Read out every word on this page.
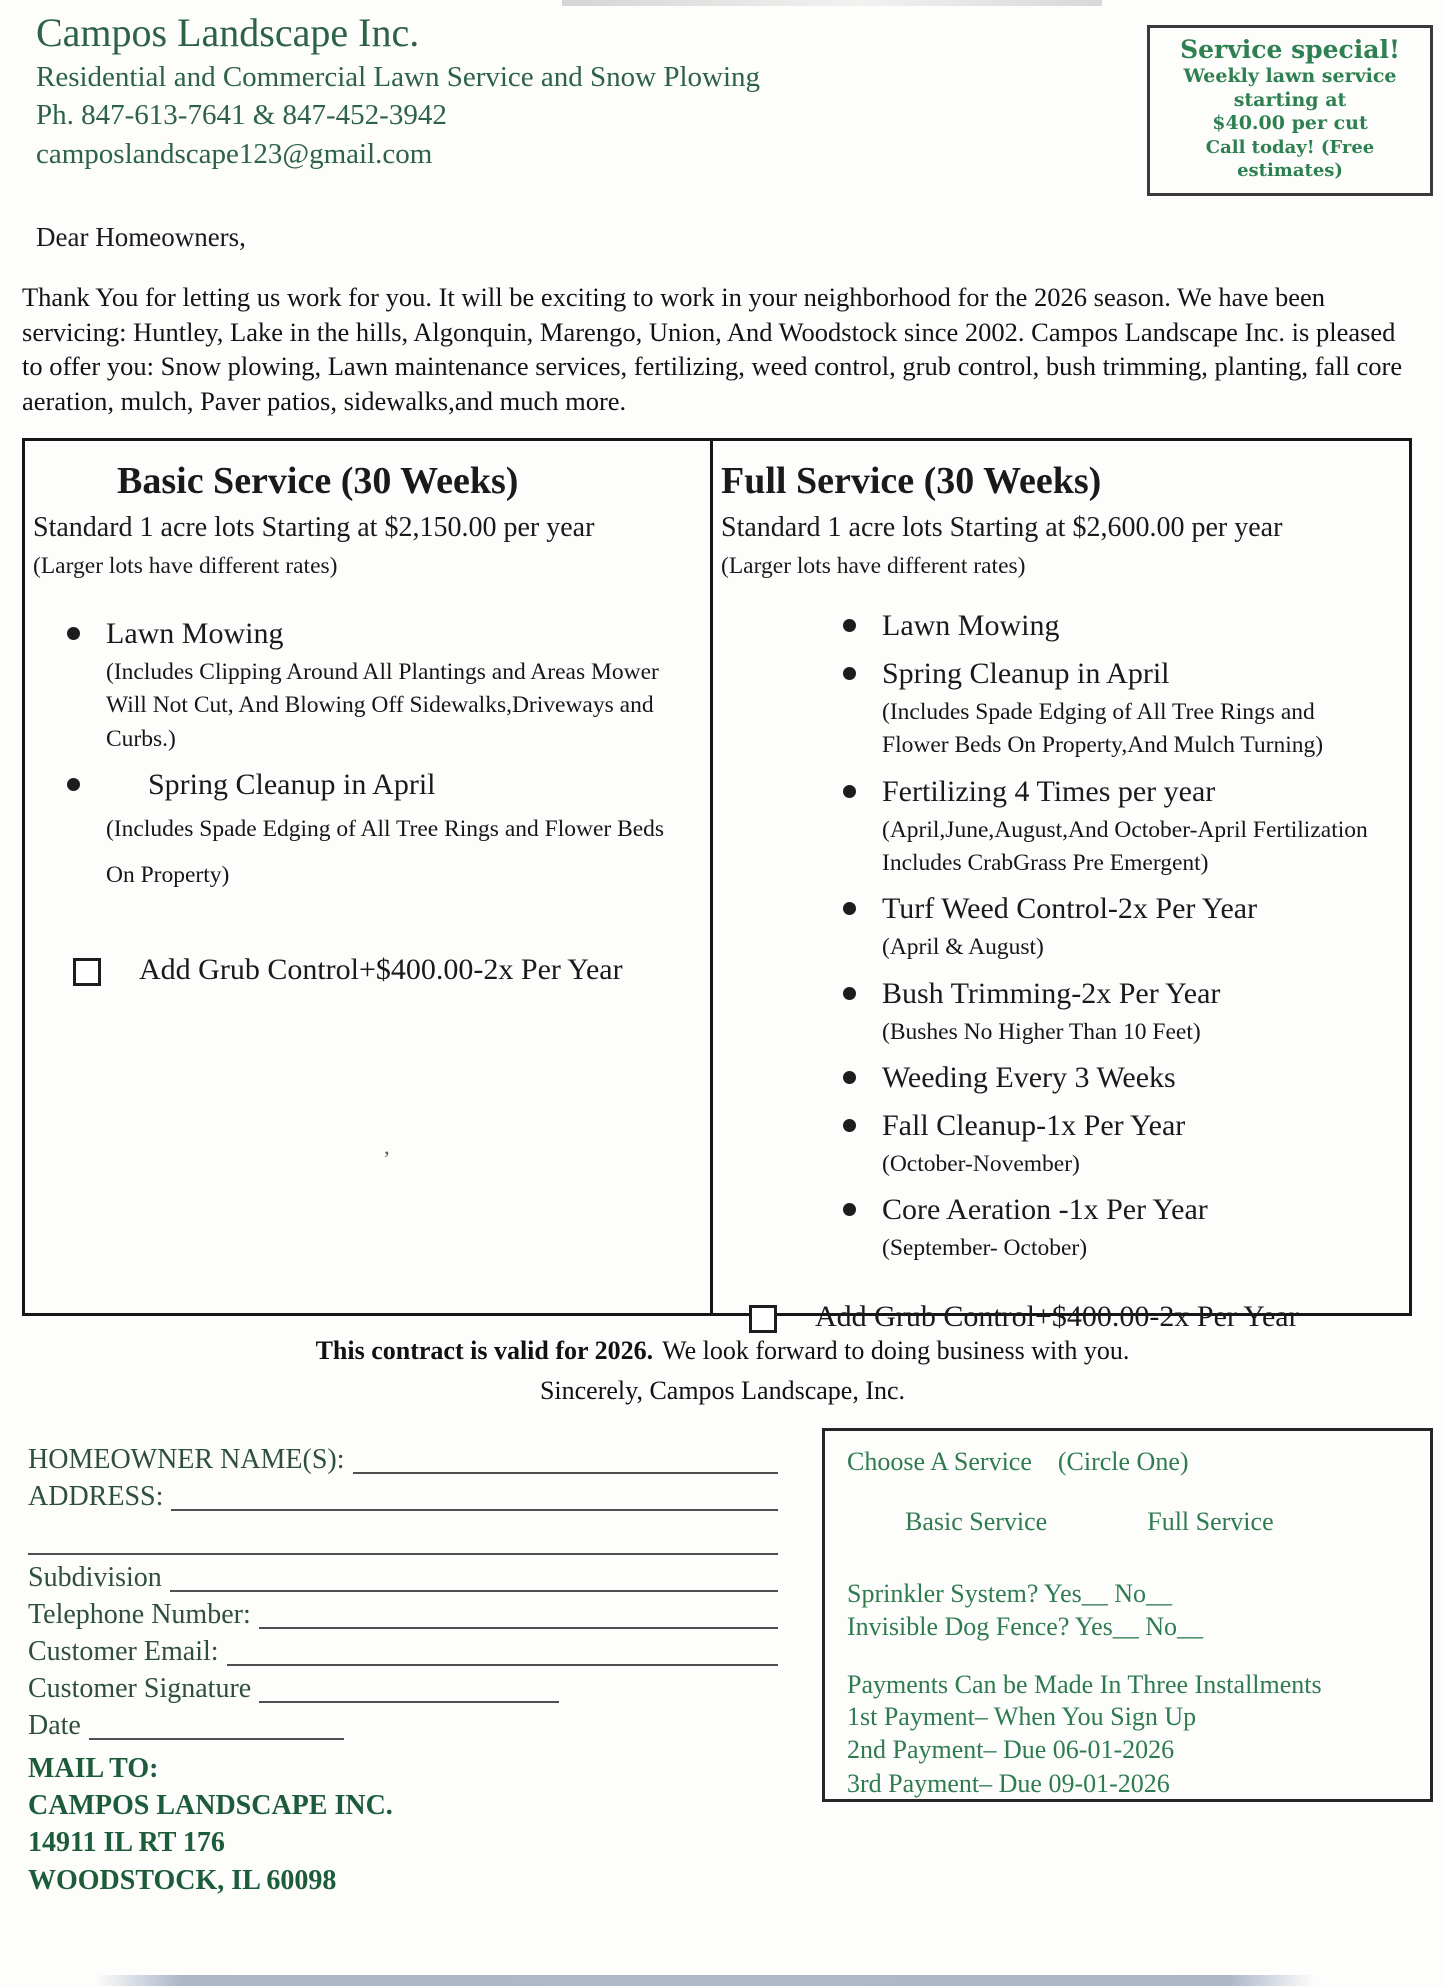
Campos Landscape Inc.
Residential and Commercial Lawn Service and Snow Plowing
Ph. 847-613-7641 & 847-452-3942
camposlandscape123@gmail.com
Service special!
Weekly lawn service
starting at
$40.00 per cut
Call today! (Free estimates)
Dear Homeowners,

Thank You for letting us work for you. It will be exciting to work in your neighborhood for the 2026 season. We have been servicing: Huntley, Lake in the hills, Algonquin, Marengo, Union, And Woodstock since 2002. Campos Landscape Inc. is pleased to offer you: Snow plowing, Lawn maintenance services, fertilizing, weed control, grub control, bush trimming, planting, fall core aeration, mulch, Paver patios, sidewalks,and much more.

Basic Service (30 Weeks)
Standard 1 acre lots Starting at $2,150.00 per year
(Larger lots have different rates)
Lawn Mowing
(Includes Clipping Around All Plantings and Areas Mower Will Not Cut, And Blowing Off Sidewalks,Driveways and Curbs.)
Spring Cleanup in April
(Includes Spade Edging of All Tree Rings and Flower Beds On Property)
Add Grub Control+$400.00-2x Per Year
Full Service (30 Weeks)
Standard 1 acre lots Starting at $2,600.00 per year
(Larger lots have different rates)
Lawn Mowing
Spring Cleanup in April
(Includes Spade Edging of All Tree Rings and Flower Beds On Property,And Mulch Turning)
Fertilizing 4 Times per year
(April,June,August,And October-April Fertilization Includes CrabGrass Pre Emergent)
Turf Weed Control-2x Per Year
(April & August)
Bush Trimming-2x Per Year
(Bushes No Higher Than 10 Feet)
Weeding Every 3 Weeks
Fall Cleanup-1x Per Year
(October-November)
Core Aeration -1x Per Year
(September- October)
Add Grub Control+$400.00-2x Per Year
’
This contract is valid for 2026. We look forward to doing business with you.
Sincerely, Campos Landscape, Inc.
HOMEOWNER NAME(S):
ADDRESS:
Subdivision
Telephone Number:
Customer Email:
Customer Signature
Date
MAIL TO:
CAMPOS LANDSCAPE INC.
14911 IL RT 176
WOODSTOCK, IL 60098
Choose A Service (Circle One)
Basic Service	Full Service
Sprinkler System? Yes__ No__
Invisible Dog Fence? Yes__ No__
Payments Can be Made In Three Installments
1st Payment– When You Sign Up
2nd Payment– Due 06-01-2026
3rd Payment– Due 09-01-2026
